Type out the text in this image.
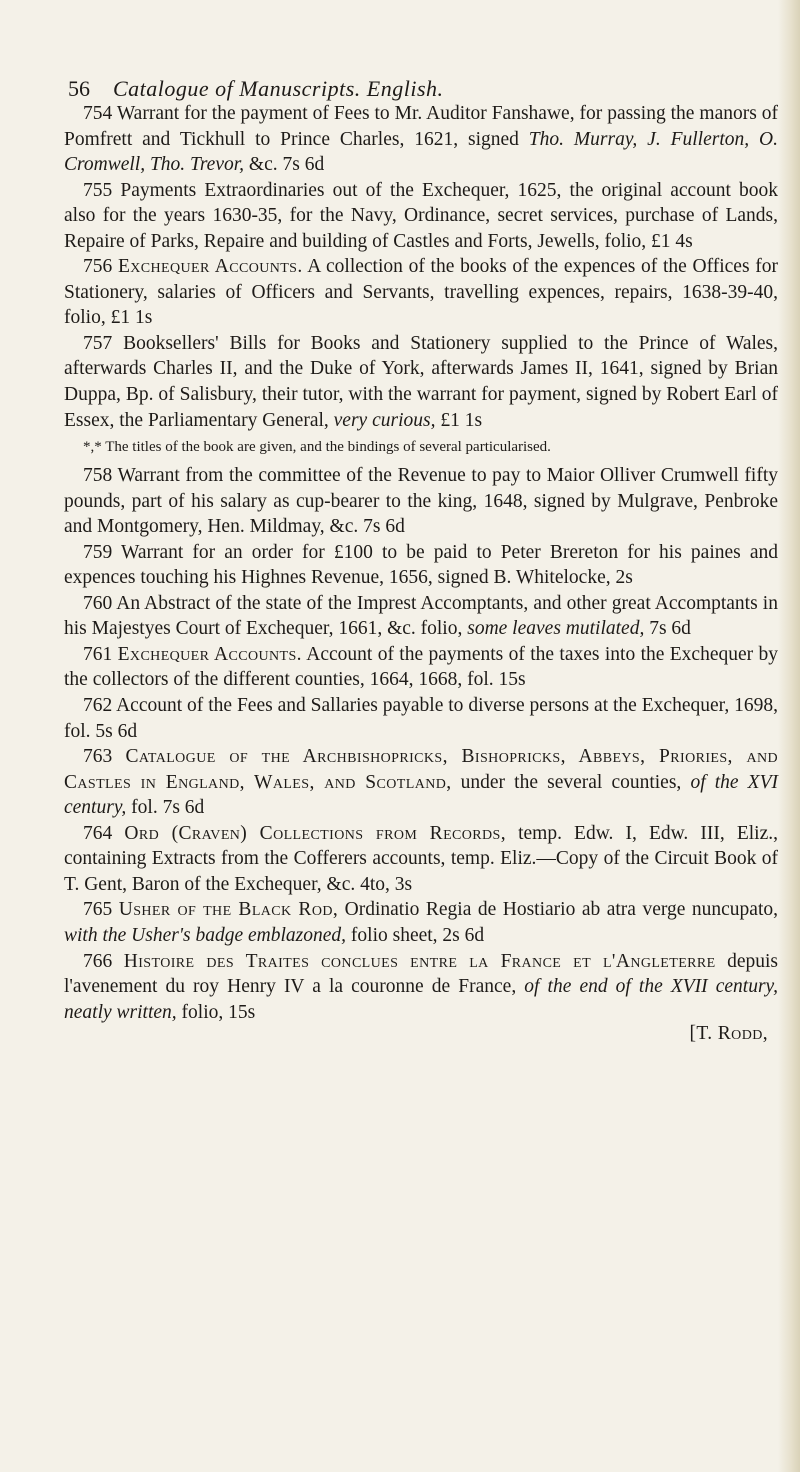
56 Catalogue of Manuscripts. English.

754 Warrant for the payment of Fees to Mr. Auditor Fanshawe, for passing the manors of Pomfrett and Tickhull to Prince Charles, 1621, signed Tho. Murray, J. Fullerton, O. Cromwell, Tho. Trevor, &c. 7s 6d

755 Payments Extraordinaries out of the Exchequer, 1625, the original account book also for the years 1630-35, for the Navy, Ordinance, secret services, purchase of Lands, Repaire of Parks, Repaire and building of Castles and Forts, Jewells, folio, £1 4s

756 Exchequer Accounts. A collection of the books of the expences of the Offices for Stationery, salaries of Officers and Servants, travelling expences, repairs, 1638-39-40, folio, £1 1s

757 Booksellers' Bills for Books and Stationery supplied to the Prince of Wales, afterwards Charles II, and the Duke of York, afterwards James II, 1641, signed by Brian Duppa, Bp. of Salisbury, their tutor, with the warrant for payment, signed by Robert Earl of Essex, the Parliamentary General, very curious, £1 1s

*,* The titles of the book are given, and the bindings of several particularised.

758 Warrant from the committee of the Revenue to pay to Maior Olliver Crumwell fifty pounds, part of his salary as cup-bearer to the king, 1648, signed by Mulgrave, Penbroke and Montgomery, Hen. Mildmay, &c. 7s 6d

759 Warrant for an order for £100 to be paid to Peter Brereton for his paines and expences touching his Highnes Revenue, 1656, signed B. Whitelocke, 2s

760 An Abstract of the state of the Imprest Accomptants, and other great Accomptants in his Majestyes Court of Exchequer, 1661, &c. folio, some leaves mutilated, 7s 6d

761 Exchequer Accounts. Account of the payments of the taxes into the Exchequer by the collectors of the different counties, 1664, 1668, fol. 15s

762 Account of the Fees and Sallaries payable to diverse persons at the Exchequer, 1698, fol. 5s 6d

763 Catalogue of the Archbishopricks, Bishopricks, Abbeys, Priories, and Castles in England, Wales, and Scotland, under the several counties, of the XVI century, fol. 7s 6d

764 Ord (Craven) Collections from Records, temp. Edw. I, Edw. III, Eliz., containing Extracts from the Cofferers accounts, temp. Eliz.—Copy of the Circuit Book of T. Gent, Baron of the Exchequer, &c. 4to, 3s

765 Usher of the Black Rod, Ordinatio Regia de Hostiario ab atra verge nuncupato, with the Usher's badge emblazoned, folio sheet, 2s 6d

766 Histoire des Traites conclues entre la France et l'Angleterre depuis l'avenement du roy Henry IV a la couronne de France, of the end of the XVII century, neatly written, folio, 15s

[T. Rodd,
